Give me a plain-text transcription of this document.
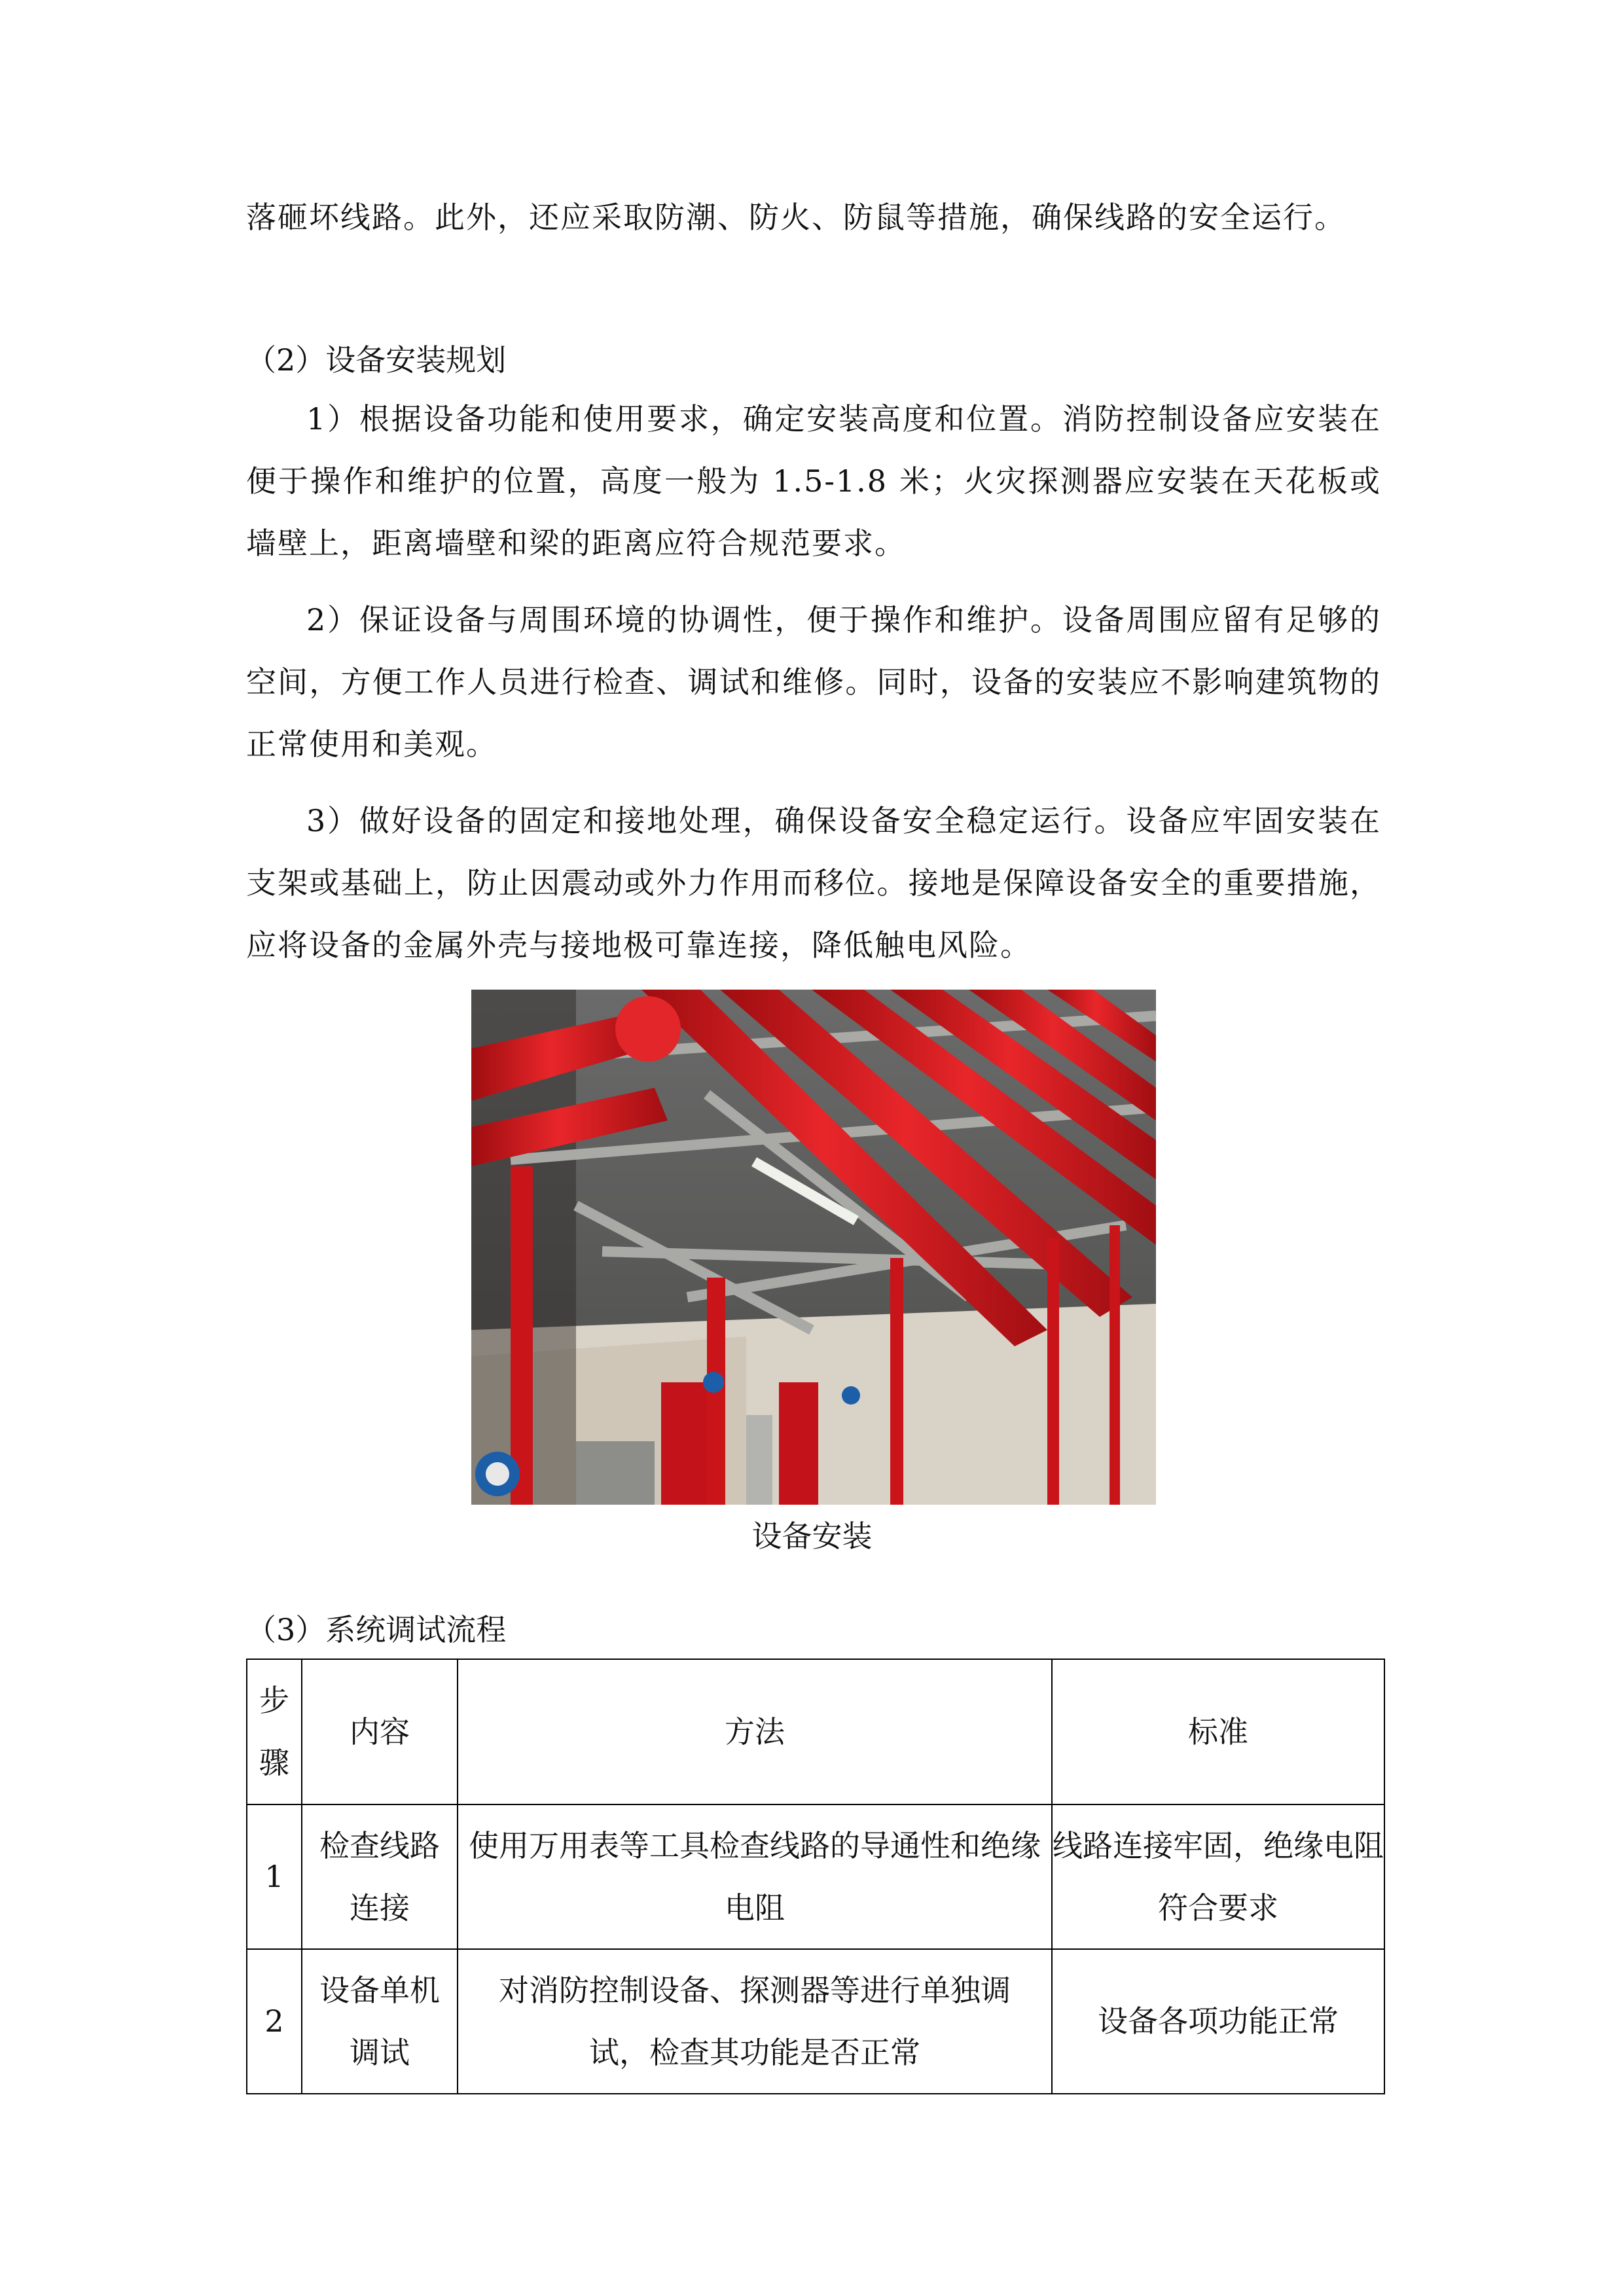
落砸坏线路。此外，还应采取防潮、防火、防鼠等措施，确保线路的安全运行。

（2）设备安装规划

1）根据设备功能和使用要求，确定安装高度和位置。消防控制设备应安装在便于操作和维护的位置，高度一般为 1.5-1.8 米；火灾探测器应安装在天花板或墙壁上，距离墙壁和梁的距离应符合规范要求。

2）保证设备与周围环境的协调性，便于操作和维护。设备周围应留有足够的空间，方便工作人员进行检查、调试和维修。同时，设备的安装应不影响建筑物的正常使用和美观。

3）做好设备的固定和接地处理，确保设备安全稳定运行。设备应牢固安装在支架或基础上，防止因震动或外力作用而移位。接地是保障设备安全的重要措施，应将设备的金属外壳与接地极可靠连接，降低触电风险。

设备安装

（3）系统调试流程

步骤	内容	方法	标准
1	检查线路连接	使用万用表等工具检查线路的导通性和绝缘电阻	线路连接牢固，绝缘电阻符合要求
2	设备单机调试	对消防控制设备、探测器等进行单独调试，检查其功能是否正常	设备各项功能正常
